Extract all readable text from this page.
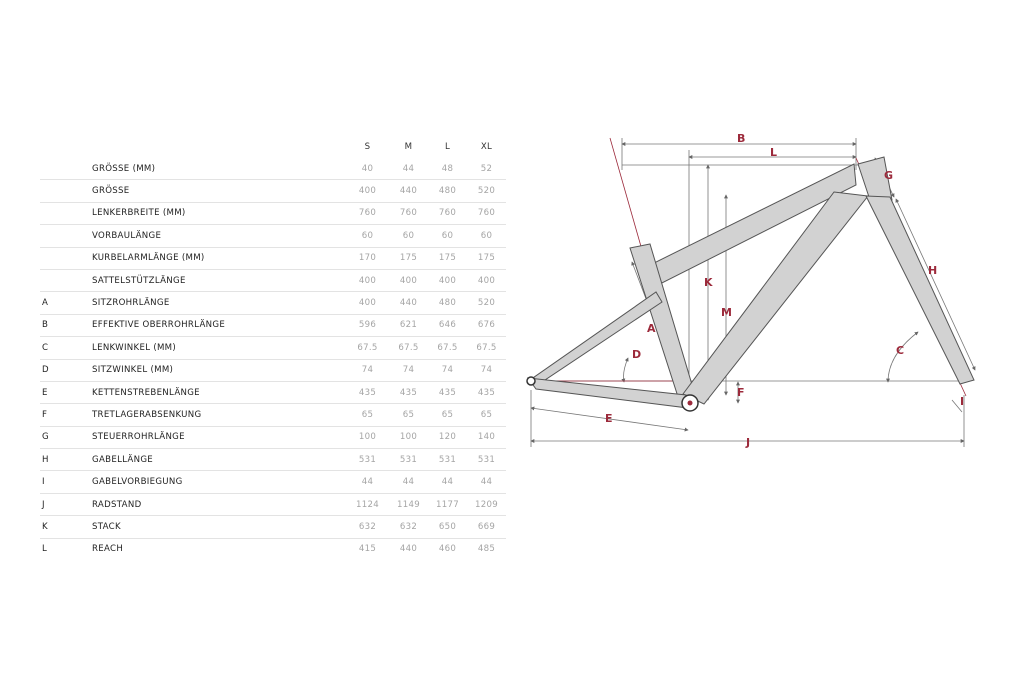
		S	M	L	XL
	GRÖSSE (MM)	40	44	48	52
	GRÖSSE	400	440	480	520
	LENKERBREITE (MM)	760	760	760	760
	VORBAULÄNGE	60	60	60	60
	KURBELARMLÄNGE (MM)	170	175	175	175
	SATTELSTÜTZLÄNGE	400	400	400	400
A	SITZROHRLÄNGE	400	440	480	520
B	EFFEKTIVE OBERROHRLÄNGE	596	621	646	676
C	LENKWINKEL (MM)	67.5	67.5	67.5	67.5
D	SITZWINKEL (MM)	74	74	74	74
E	KETTENSTREBENLÄNGE	435	435	435	435
F	TRETLAGERABSENKUNG	65	65	65	65
G	STEUERROHRLÄNGE	100	100	120	140
H	GABELLÄNGE	531	531	531	531
I	GABELVORBIEGUNG	44	44	44	44
J	RADSTAND	1124	1149	1177	1209
K	STACK	632	632	650	669
L	REACH	415	440	460	485
A
B
C
D
E
F
G
H
I
J
K
L
M
